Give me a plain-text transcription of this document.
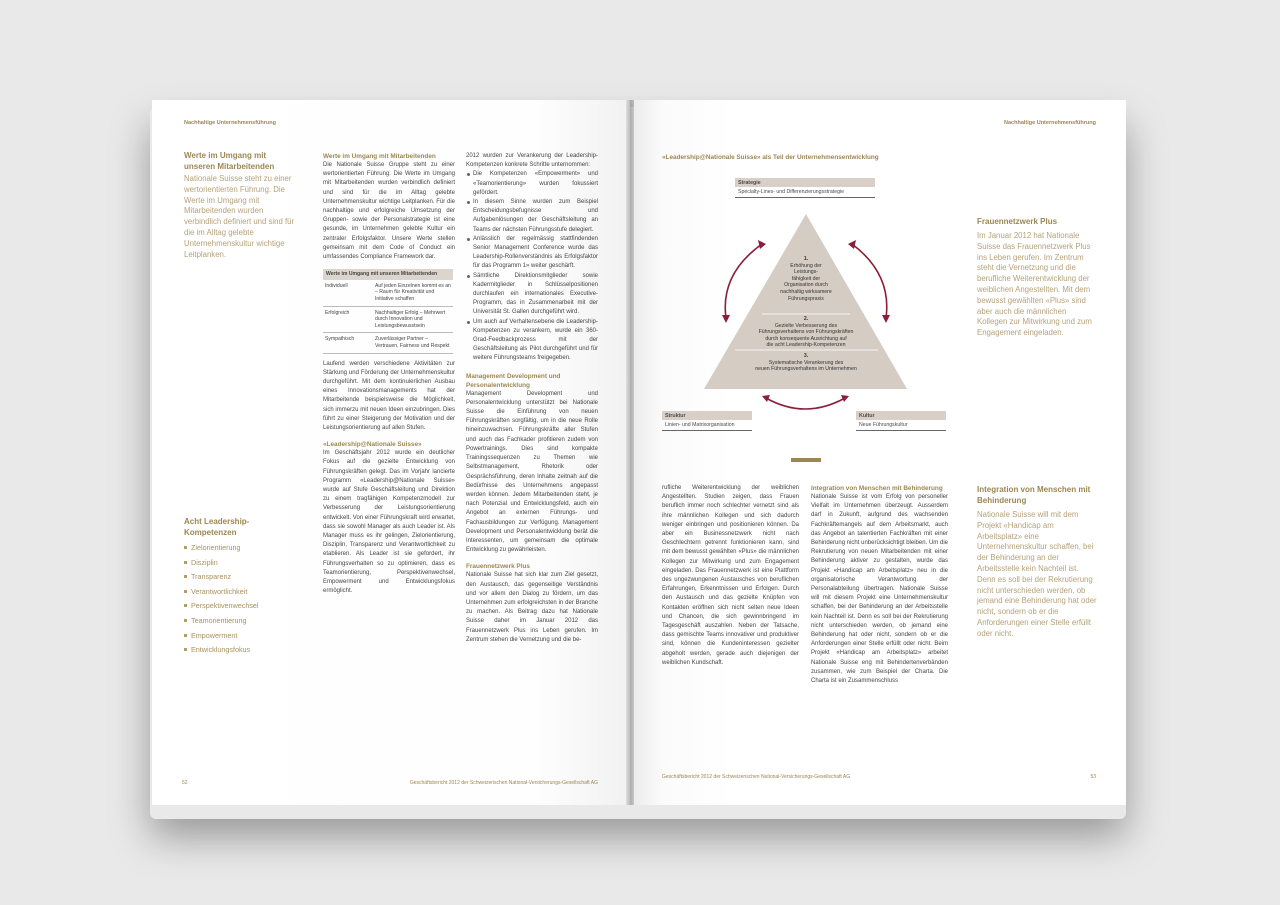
Nachhaltige Unternehmensführung
Werte im Umgang mit unseren Mitarbeitenden
Nationale Suisse steht zu einer wertorientierten Führung. Die Werte im Umgang mit Mitarbeitenden wurden verbindlich definiert und sind für die im Alltag gelebte Unternehmenskultur wichtige Leitplanken.
Acht Leadership-Kompetenzen
Zielorientierung
Disziplin
Transparenz
Verantwortlichkeit
Perspektivenwechsel
Teamorientierung
Empowerment
Entwicklungsfokus
Werte im Umgang mit Mitarbeitenden
Die Nationale Suisse Gruppe steht zu einer wertorientierten Führung. Die Werte im Umgang mit Mitarbeitenden wurden verbindlich definiert und sind für die im Alltag gelebte Unternehmenskultur wichtige Leitplanken. Für die nachhaltige und erfolgreiche Umsetzung der Gruppen- sowie der Personalstrategie ist eine gesunde, im Unternehmen gelebte Kultur ein zentraler Erfolgsfaktor. Unsere Werte stellen gemeinsam mit dem Code of Conduct ein umfassendes Compliance Framework dar.
Werte im Umgang mit unseren Mitarbeitenden	
Individuell	Auf jeden Einzelnen kommt es an – Raum für Kreativität und Initiative schaffen
Erfolgreich	Nachhaltiger Erfolg – Mehrwert durch Innovation und Leistungsbewusstsein
Sympathisch	Zuverlässiger Partner – Vertrauen, Fairness und Respekt
Laufend werden verschiedene Aktivitäten zur Stärkung und Förderung der Unternehmenskultur durchgeführt. Mit dem kontinuierlichen Ausbau eines Innovationsmanagements hat der Mitarbeitende beispielsweise die Möglichkeit, sich immerzu mit neuen Ideen einzubringen. Dies führt zu einer Steigerung der Motivation und der Leistungsorientierung auf allen Stufen.
«Leadership@Nationale Suisse»
Im Geschäftsjahr 2012 wurde ein deutlicher Fokus auf die gezielte Entwicklung von Führungskräften gelegt. Das im Vorjahr lancierte Programm «Leadership@Nationale Suisse» wurde auf Stufe Geschäftsleitung und Direktion zu einem tragfähigen Kompetenzmodell zur Verbesserung der Leistungsorientierung entwickelt. Von einer Führungskraft wird erwartet, dass sie sowohl Manager als auch Leader ist. Als Manager muss es ihr gelingen, Zielorientierung, Disziplin, Transparenz und Verantwortlichkeit zu etablieren. Als Leader ist sie gefordert, ihr Führungsverhalten so zu optimieren, dass es Teamorientierung, Perspektivenwechsel, Empowerment und Entwicklungsfokus ermöglicht.
2012 wurden zur Verankerung der Leadership-Kompetenzen konkrete Schritte unternommen:
Die Kompetenzen «Empowerment» und «Teamorientierung» wurden fokussiert gefördert.
In diesem Sinne wurden zum Beispiel Entscheidungsbefugnisse und Aufgabenlösungen der Geschäftsleitung an Teams der nächsten Führungsstufe delegiert.
Anlässlich der regelmässig stattfindenden Senior Management Conference wurde das Leadership-Rollenverständnis als Erfolgsfaktor für das Programm 1» weiter geschärft.
Sämtliche Direktionsmitglieder sowie Kadermitglieder in Schlüsselpositionen durchlaufen ein internationales Executive-Programm, das in Zusammenarbeit mit der Universität St. Gallen durchgeführt wird.
Um auch auf Verhaltensebene die Leadership-Kompetenzen zu verankern, wurde ein 360-Grad-Feedbackprozess mit der Geschäftsleitung als Pilot durchgeführt und für weitere Führungsteams freigegeben.
Management Development und Personalentwicklung
Management Development und Personalentwicklung unterstützt bei Nationale Suisse die Einführung von neuen Führungskräften sorgfältig, um in die neue Rolle hineinzuwachsen. Führungskräfte aller Stufen und auch das Fachkader profitieren zudem von Powertrainings. Dies sind kompakte Trainingssequenzen zu Themen wie Selbstmanagement, Rhetorik oder Gesprächsführung, deren Inhalte zeitnah auf die Bedürfnisse des Unternehmens angepasst werden können. Jedem Mitarbeitenden steht, je nach Potenzial und Entwicklungsfeld, auch ein Angebot an externen Führungs- und Fachausbildungen zur Verfügung. Management Development und Personalentwicklung berät die Interessenten, um gemeinsam die optimale Entwicklung zu gewährleisten.
Frauennetzwerk Plus
Nationale Suisse hat sich klar zum Ziel gesetzt, den Austausch, das gegenseitige Verständnis und vor allem den Dialog zu fördern, um das Unternehmen zum erfolgreichsten in der Branche zu machen. Als Beitrag dazu hat Nationale Suisse daher im Januar 2012 das Frauennetzwerk Plus ins Leben gerufen. Im Zentrum stehen die Vernetzung und die be-
52	Geschäftsbericht 2012 der Schweizerischen National-Versicherungs-Gesellschaft AG
Nachhaltige Unternehmensführung
«Leadership@Nationale Suisse» als Teil der Unternehmensentwicklung
Strategie
Specialty-Lines- und Differenzierungsstrategie
1.
Erhöhung der
Leistungs-
fähigkeit der
Organisation durch
nachhaltig wirksamere
Führungspraxis
2.
Gezielte Verbesserung des
Führungsverhaltens von Führungskräften
durch konsequente Ausrichtung auf
die acht Leadership-Kompetenzen
3.
Systematische Verankerung des
neuen Führungsverhaltens im Unternehmen
Struktur
Linien- und Matrixorganisation
Kultur
Neue Führungskultur
rufliche Weiterentwicklung der weiblichen Angestellten. Studien zeigen, dass Frauen beruflich immer noch schlechter vernetzt sind als ihre männlichen Kollegen und sich dadurch weniger einbringen und positionieren können. Da aber ein Businessnetzwerk nicht nach Geschlechtern getrennt funktionieren kann, sind mit dem bewusst gewählten «Plus» die männlichen Kollegen zur Mitwirkung und zum Engagement eingeladen. Das Frauennetzwerk ist eine Plattform des ungezwungenen Austausches von beruflichen Erfahrungen, Erkenntnissen und Erfolgen. Durch den Austausch und das gezielte Knüpfen von Kontakten eröffnen sich nicht selten neue Ideen und Chancen, die sich gewinnbringend im Tagesgeschäft auszahlen. Neben der Tatsache, dass gemischte Teams innovativer und produktiver sind, können die Kundeninteressen gezielter abgeholt werden, gerade auch diejenigen der weiblichen Kundschaft.
Integration von Menschen mit Behinderung
Nationale Suisse ist vom Erfolg von personeller Vielfalt im Unternehmen überzeugt. Ausserdem darf in Zukunft, aufgrund des wachsenden Fachkräftemangels auf dem Arbeitsmarkt, auch das Angebot an talentierten Fachkräften mit einer Behinderung nicht unberücksichtigt bleiben. Um die Rekrutierung von neuen Mitarbeitenden mit einer Behinderung aktiver zu gestalten, wurde das Projekt «Handicap am Arbeitsplatz» neu in die organisatorische Verantwortung der Personalabteilung übertragen. Nationale Suisse will mit diesem Projekt eine Unternehmenskultur schaffen, bei der Behinderung an der Arbeitsstelle kein Nachteil ist. Denn es soll bei der Rekrutierung nicht unterschieden werden, ob jemand eine Behinderung hat oder nicht, sondern ob er die Anforderungen einer Stelle erfüllt oder nicht. Beim Projekt «Handicap am Arbeitsplatz» arbeitet Nationale Suisse eng mit Behindertenverbänden zusammen, wie zum Beispiel der Charta. Die Charta ist ein Zusammenschluss
Frauennetzwerk Plus
Im Januar 2012 hat Nationale Suisse das Frauennetzwerk Plus ins Leben gerufen. Im Zentrum steht die Vernetzung und die berufliche Weiterentwicklung der weiblichen Angestellten. Mit dem bewusst gewählten «Plus» sind aber auch die männlichen Kollegen zur Mitwirkung und zum Engagement eingeladen.
Integration von Menschen mit Behinderung
Nationale Suisse will mit dem Projekt «Handicap am Arbeitsplatz» eine Unternehmenskultur schaffen, bei der Behinderung an der Arbeitsstelle kein Nachteil ist. Denn es soll bei der Rekrutierung nicht unterschieden werden, ob jemand eine Behinderung hat oder nicht, sondern ob er die Anforderungen einer Stelle erfüllt oder nicht.
Geschäftsbericht 2012 der Schweizerischen National-Versicherungs-Gesellschaft AG	53
